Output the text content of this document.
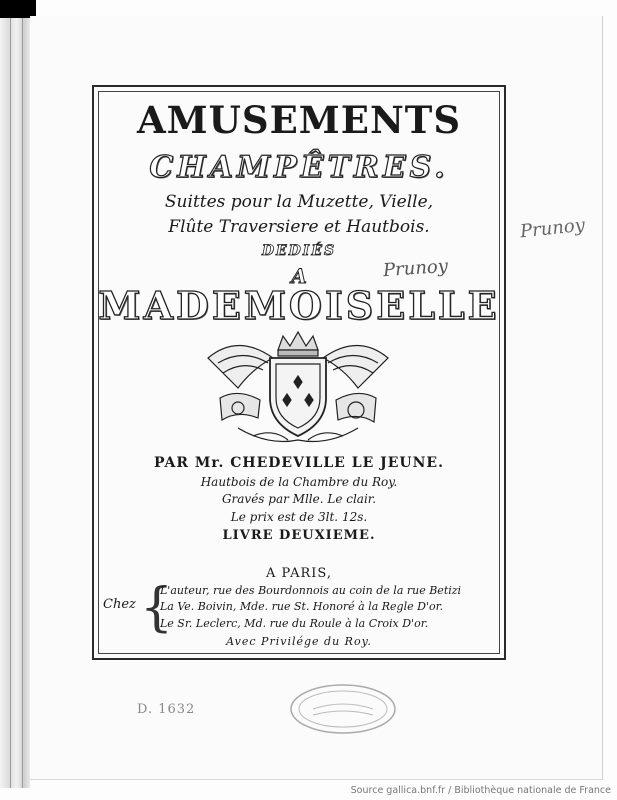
AMUSEMENTS
CHAMPÊTRES.
Suittes pour la Muzette, Vielle,
Flûte Traversiere et Hautbois.
DEDIÉS
A
MADEMOISELLE
PAR Mr. CHEDEVILLE LE JEUNE.
Hautbois de la Chambre du Roy.
Gravés par Mlle. Le clair.
Le prix est de 3lt. 12s.
LIVRE DEUXIEME.
A PARIS,
Chez {
L'auteur, rue des Bourdonnois au coin de la rue Betizi
La Ve. Boivin, Mde. rue St. Honoré à la Regle D'or.
Le Sr. Leclerc, Md. rue du Roule à la Croix D'or.
Avec Privilége du Roy.
Prunoy
Prunoy
D. 1632
Source gallica.bnf.fr / Bibliothèque nationale de France
